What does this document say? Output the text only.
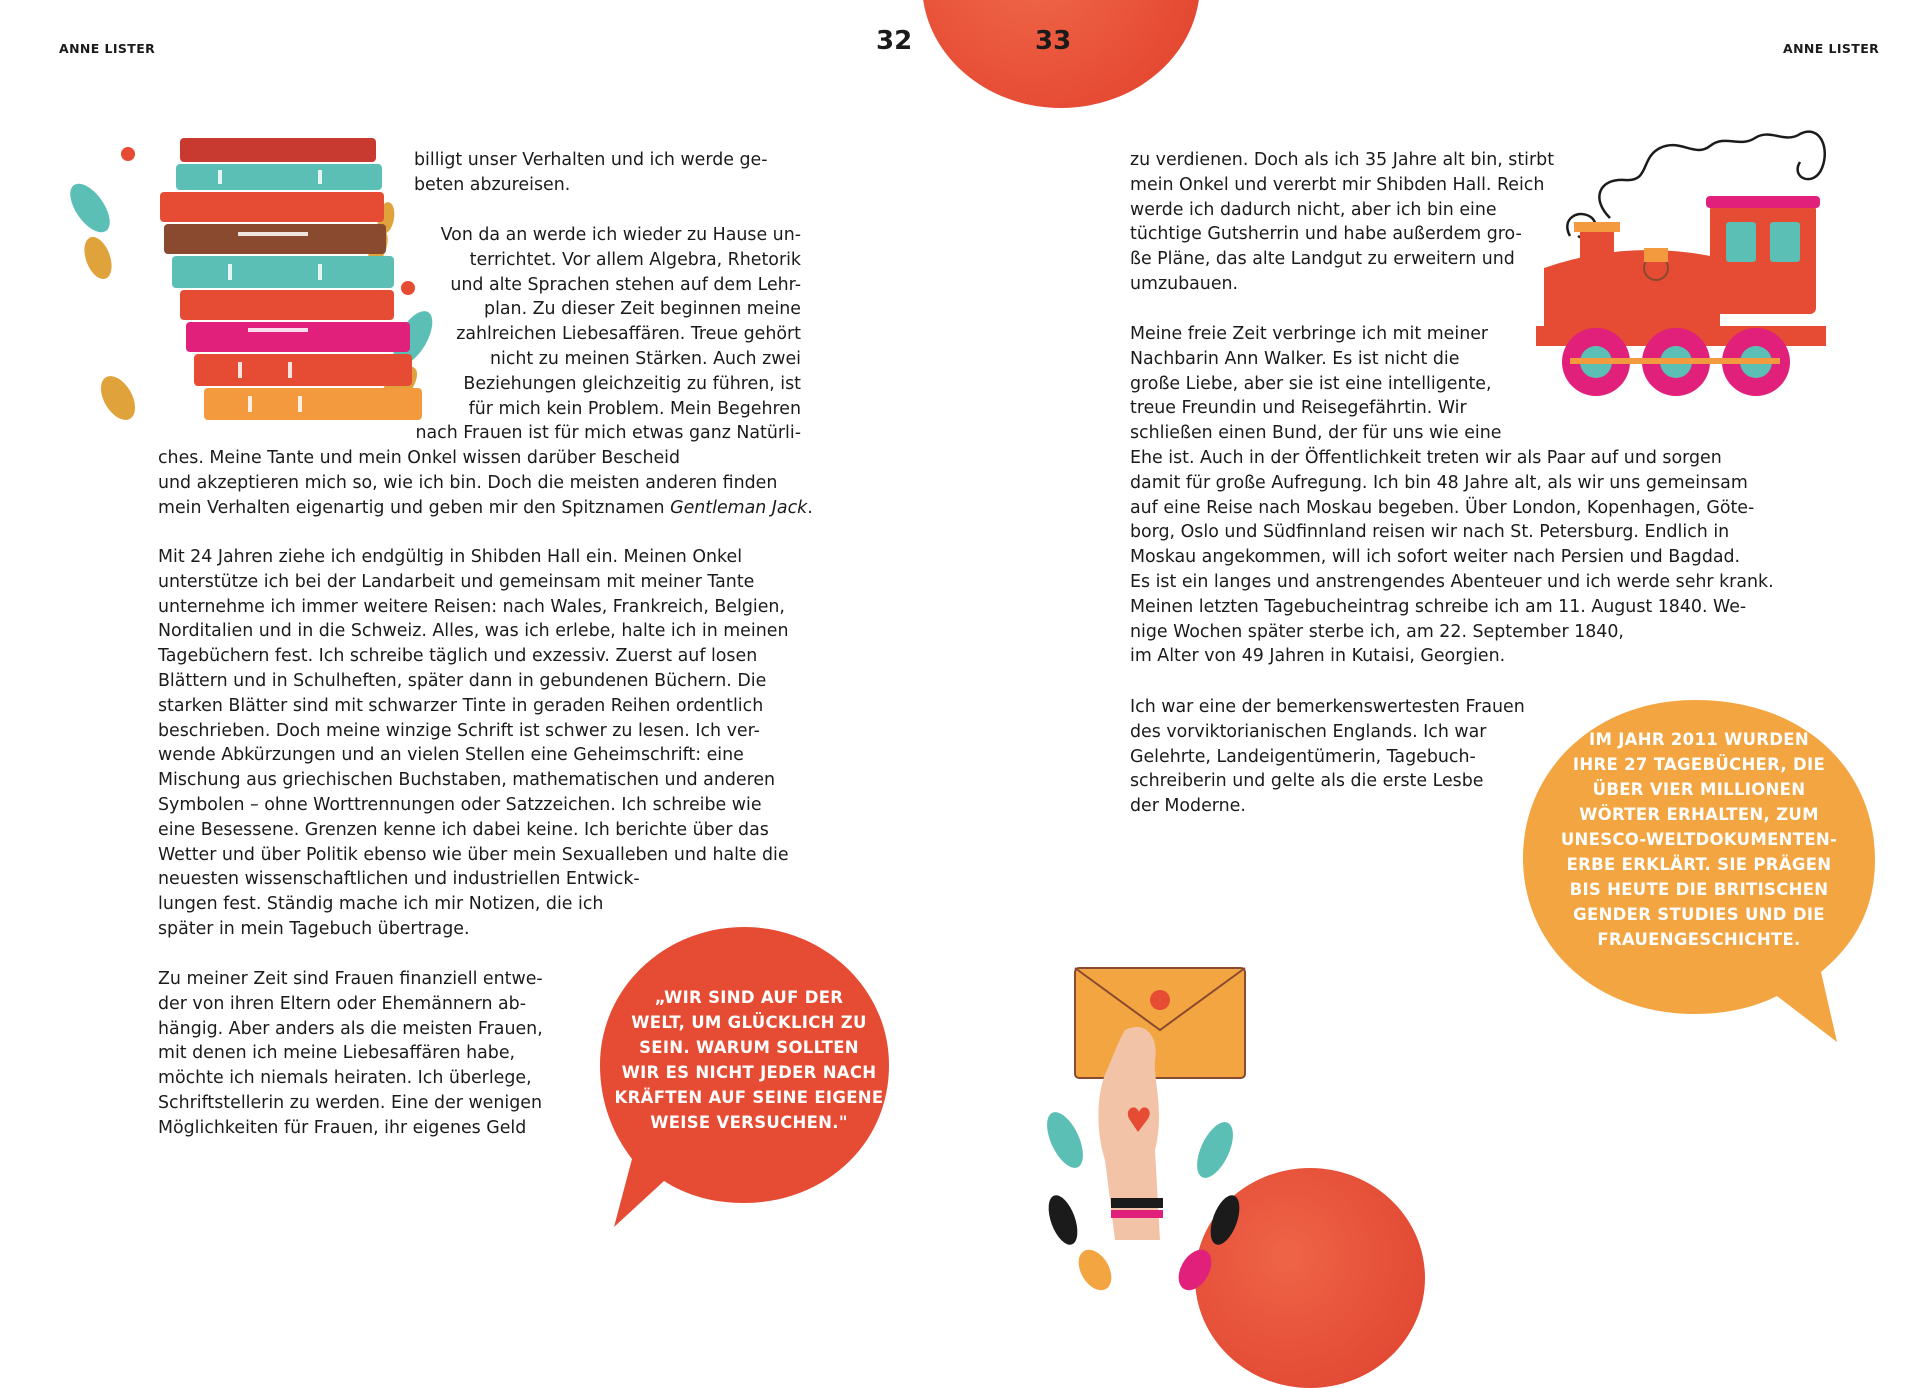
ANNE LISTER	32

billigt unser Verhalten und ich werde ge-
beten abzureisen.

Von da an werde ich wieder zu Hause un-
terrichtet. Vor allem Algebra, Rhetorik
und alte Sprachen stehen auf dem Lehr-
plan. Zu dieser Zeit beginnen meine
zahlreichen Liebesaffären. Treue gehört
nicht zu meinen Stärken. Auch zwei
Beziehungen gleichzeitig zu führen, ist
für mich kein Problem. Mein Begehren
nach Frauen ist für mich etwas ganz Natürli-

ches. Meine Tante und mein Onkel wissen darüber Bescheid
und akzeptieren mich so, wie ich bin. Doch die meisten anderen finden
mein Verhalten eigenartig und geben mir den Spitznamen Gentleman Jack.

Mit 24 Jahren ziehe ich endgültig in Shibden Hall ein. Meinen Onkel
unterstütze ich bei der Landarbeit und gemeinsam mit meiner Tante
unternehme ich immer weitere Reisen: nach Wales, Frankreich, Belgien,
Norditalien und in die Schweiz. Alles, was ich erlebe, halte ich in meinen
Tagebüchern fest. Ich schreibe täglich und exzessiv. Zuerst auf losen
Blättern und in Schulheften, später dann in gebundenen Büchern. Die
starken Blätter sind mit schwarzer Tinte in geraden Reihen ordentlich
beschrieben. Doch meine winzige Schrift ist schwer zu lesen. Ich ver-
wende Abkürzungen und an vielen Stellen eine Geheimschrift: eine
Mischung aus griechischen Buchstaben, mathematischen und anderen
Symbolen – ohne Worttrennungen oder Satzzeichen. Ich schreibe wie
eine Besessene. Grenzen kenne ich dabei keine. Ich berichte über das
Wetter und über Politik ebenso wie über mein Sexualleben und halte die
neuesten wissenschaftlichen und industriellen Entwick-
lungen fest. Ständig mache ich mir Notizen, die ich
später in mein Tagebuch übertrage.

Zu meiner Zeit sind Frauen finanziell entwe-
der von ihren Eltern oder Ehemännern ab-
hängig. Aber anders als die meisten Frauen,
mit denen ich meine Liebesaffären habe,
möchte ich niemals heiraten. Ich überlege,
Schriftstellerin zu werden. Eine der wenigen
Möglichkeiten für Frauen, ihr eigenes Geld

„WIR SIND AUF DER
WELT, UM GLÜCKLICH ZU
SEIN. WARUM SOLLTEN
WIR ES NICHT JEDER NACH
KRÄFTEN AUF SEINE EIGENE
WEISE VERSUCHEN."

ANNE LISTER
33

zu verdienen. Doch als ich 35 Jahre alt bin, stirbt
mein Onkel und vererbt mir Shibden Hall. Reich
werde ich dadurch nicht, aber ich bin eine
tüchtige Gutsherrin und habe außerdem gro-
ße Pläne, das alte Landgut zu erweitern und
umzubauen.

Meine freie Zeit verbringe ich mit meiner
Nachbarin Ann Walker. Es ist nicht die
große Liebe, aber sie ist eine intelligente,
treue Freundin und Reisegefährtin. Wir
schließen einen Bund, der für uns wie eine
Ehe ist. Auch in der Öffentlichkeit treten wir als Paar auf und sorgen
damit für große Aufregung. Ich bin 48 Jahre alt, als wir uns gemeinsam
auf eine Reise nach Moskau begeben. Über London, Kopenhagen, Göte-
borg, Oslo und Südfinnland reisen wir nach St. Petersburg. Endlich in
Moskau angekommen, will ich sofort weiter nach Persien und Bagdad.
Es ist ein langes und anstrengendes Abenteuer und ich werde sehr krank.
Meinen letzten Tagebucheintrag schreibe ich am 11. August 1840. We-
nige Wochen später sterbe ich, am 22. September 1840,
im Alter von 49 Jahren in Kutaisi, Georgien.

Ich war eine der bemerkenswertesten Frauen
des vorviktorianischen Englands. Ich war
Gelehrte, Landeigentümerin, Tagebuch-
schreiberin und gelte als die erste Lesbe
der Moderne.

IM JAHR 2011 WURDEN
IHRE 27 TAGEBÜCHER, DIE
ÜBER VIER MILLIONEN
WÖRTER ERHALTEN, ZUM
UNESCO-WELTDOKUMENTEN-
ERBE ERKLÄRT. SIE PRÄGEN
BIS HEUTE DIE BRITISCHEN
GENDER STUDIES UND DIE
FRAUENGESCHICHTE.
